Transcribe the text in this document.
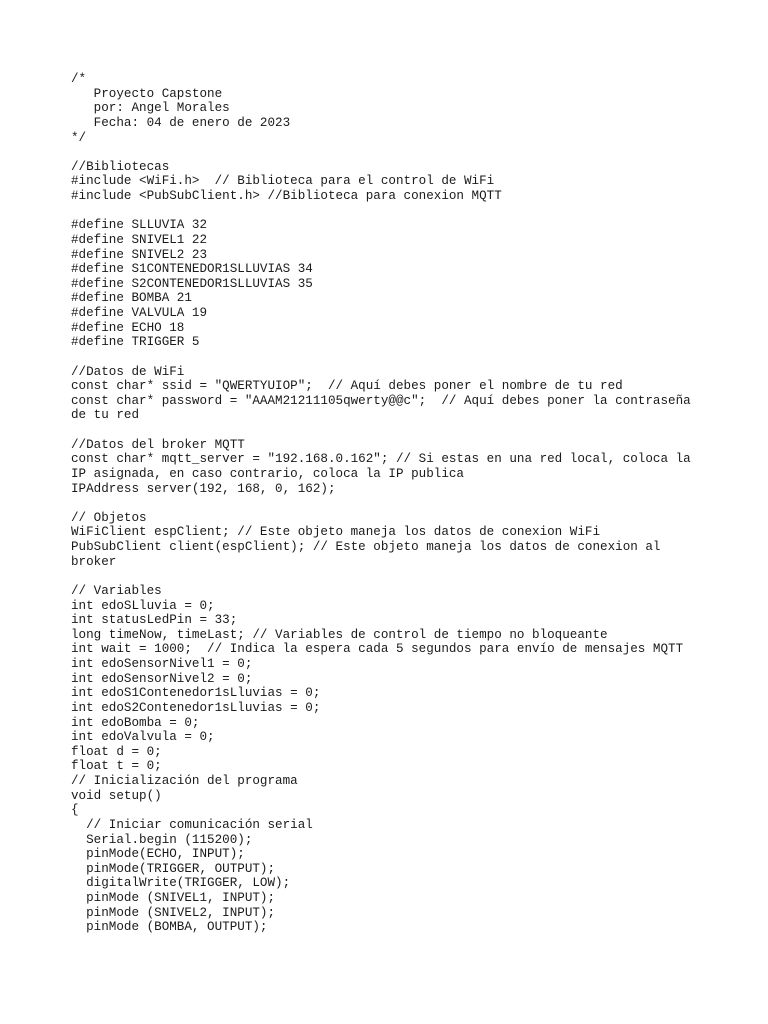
/*
Proyecto Capstone
por: Angel Morales
Fecha: 04 de enero de 2023
*/
//Bibliotecas
#include <WiFi.h>  // Biblioteca para el control de WiFi
#include <PubSubClient.h> //Biblioteca para conexion MQTT
#define SLLUVIA 32
#define SNIVEL1 22
#define SNIVEL2 23
#define S1CONTENEDOR1SLLUVIAS 34
#define S2CONTENEDOR1SLLUVIAS 35
#define BOMBA 21
#define VALVULA 19
#define ECHO 18
#define TRIGGER 5
//Datos de WiFi
const char* ssid = "QWERTYUIOP";  // Aquí debes poner el nombre de tu red
const char* password = "AAAM21211105qwerty@@c";  // Aquí debes poner la contraseña
de tu red
//Datos del broker MQTT
const char* mqtt_server = "192.168.0.162"; // Si estas en una red local, coloca la
IP asignada, en caso contrario, coloca la IP publica
IPAddress server(192, 168, 0, 162);
// Objetos
WiFiClient espClient; // Este objeto maneja los datos de conexion WiFi
PubSubClient client(espClient); // Este objeto maneja los datos de conexion al
broker
// Variables
int edoSLluvia = 0;
int statusLedPin = 33;
long timeNow, timeLast; // Variables de control de tiempo no bloqueante
int wait = 1000;  // Indica la espera cada 5 segundos para envío de mensajes MQTT
int edoSensorNivel1 = 0;
int edoSensorNivel2 = 0;
int edoS1Contenedor1sLluvias = 0;
int edoS2Contenedor1sLluvias = 0;
int edoBomba = 0;
int edoValvula = 0;
float d = 0;
float t = 0;
// Inicialización del programa
void setup()
{
// Iniciar comunicación serial
Serial.begin (115200);
pinMode(ECHO, INPUT);
pinMode(TRIGGER, OUTPUT);
digitalWrite(TRIGGER, LOW);
pinMode (SNIVEL1, INPUT);
pinMode (SNIVEL2, INPUT);
pinMode (BOMBA, OUTPUT);
